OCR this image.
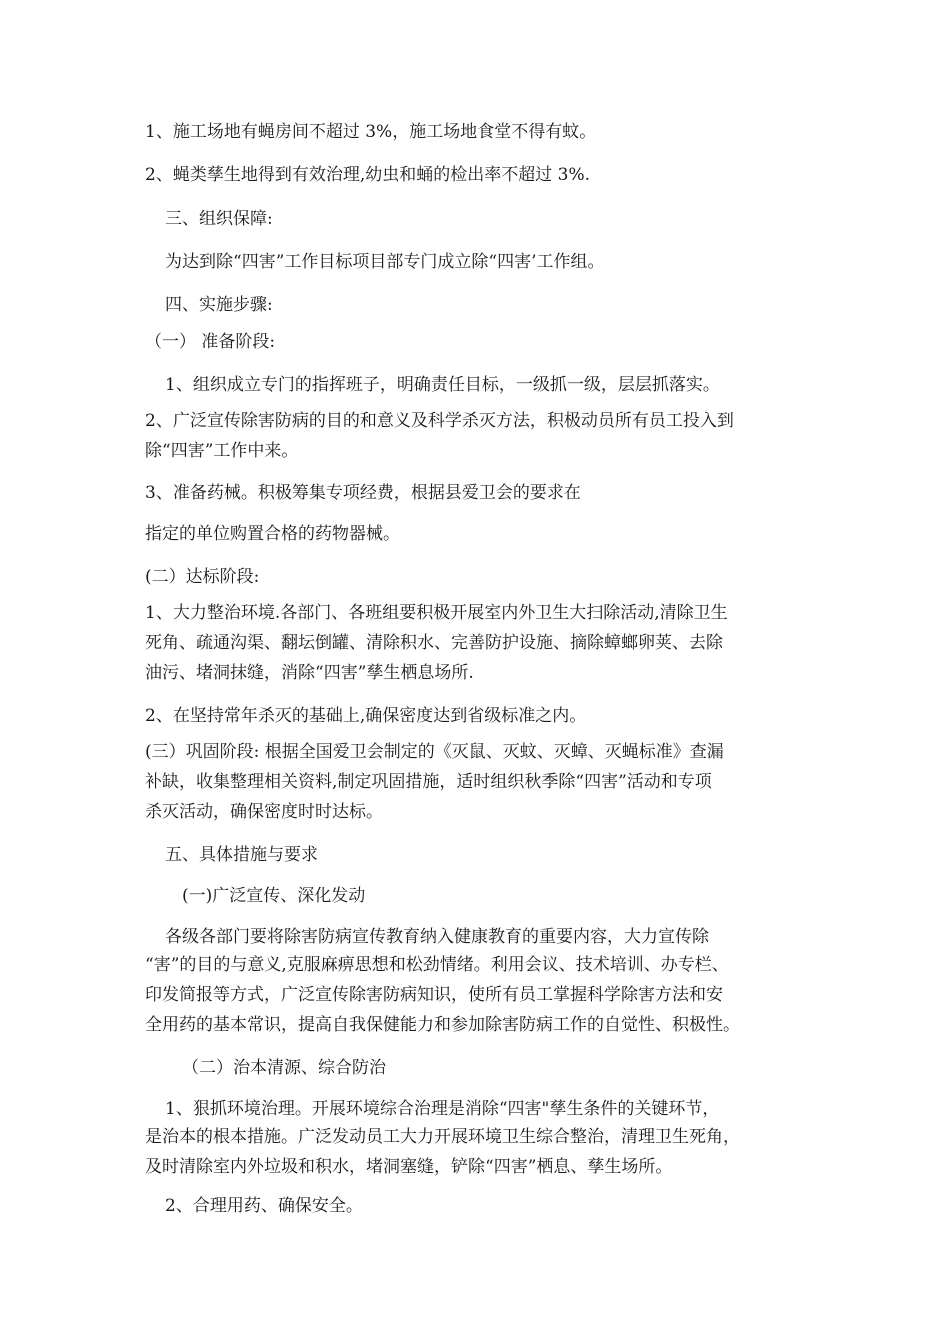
1、施工场地有蝇房间不超过 3%，施工场地食堂不得有蚊。
2、蝇类孳生地得到有效治理,幼虫和蛹的检出率不超过 3%.
三、组织保障:
为达到除“四害”工作目标项目部专门成立除“四害’工作组。
四、实施步骤:
（一） 准备阶段:
1、组织成立专门的指挥班子，明确责任目标，一级抓一级，层层抓落实。
2、广泛宣传除害防病的目的和意义及科学杀灭方法，积极动员所有员工投入到
除“四害”工作中来。
3、准备药械。积极筹集专项经费，根据县爱卫会的要求在
指定的单位购置合格的药物器械。
(二）达标阶段:
1、大力整治环境.各部门、各班组要积极开展室内外卫生大扫除活动,清除卫生
死角、疏通沟渠、翻坛倒罐、清除积水、完善防护设施、摘除蟑螂卵荚、去除
油污、堵洞抹缝，消除“四害”孳生栖息场所.
2、在坚持常年杀灭的基础上,确保密度达到省级标准之内。
(三）巩固阶段: 根据全国爱卫会制定的《灭鼠、灭蚊、灭蟑、灭蝇标准》查漏
补缺，收集整理相关资料,制定巩固措施，适时组织秋季除“四害”活动和专项
杀灭活动，确保密度时时达标。
五、具体措施与要求
(一)广泛宣传、深化发动
各级各部门要将除害防病宣传教育纳入健康教育的重要内容，大力宣传除
“害”的目的与意义,克服麻痹思想和松劲情绪。利用会议、技术培训、办专栏、
印发简报等方式，广泛宣传除害防病知识，使所有员工掌握科学除害方法和安
全用药的基本常识，提高自我保健能力和参加除害防病工作的自觉性、积极性。
（二）治本清源、综合防治
1、狠抓环境治理。开展环境综合治理是消除“四害"孳生条件的关键环节，
是治本的根本措施。广泛发动员工大力开展环境卫生综合整治，清理卫生死角，
及时清除室内外垃圾和积水，堵洞塞缝，铲除“四害”栖息、孳生场所。
2、合理用药、确保安全。
